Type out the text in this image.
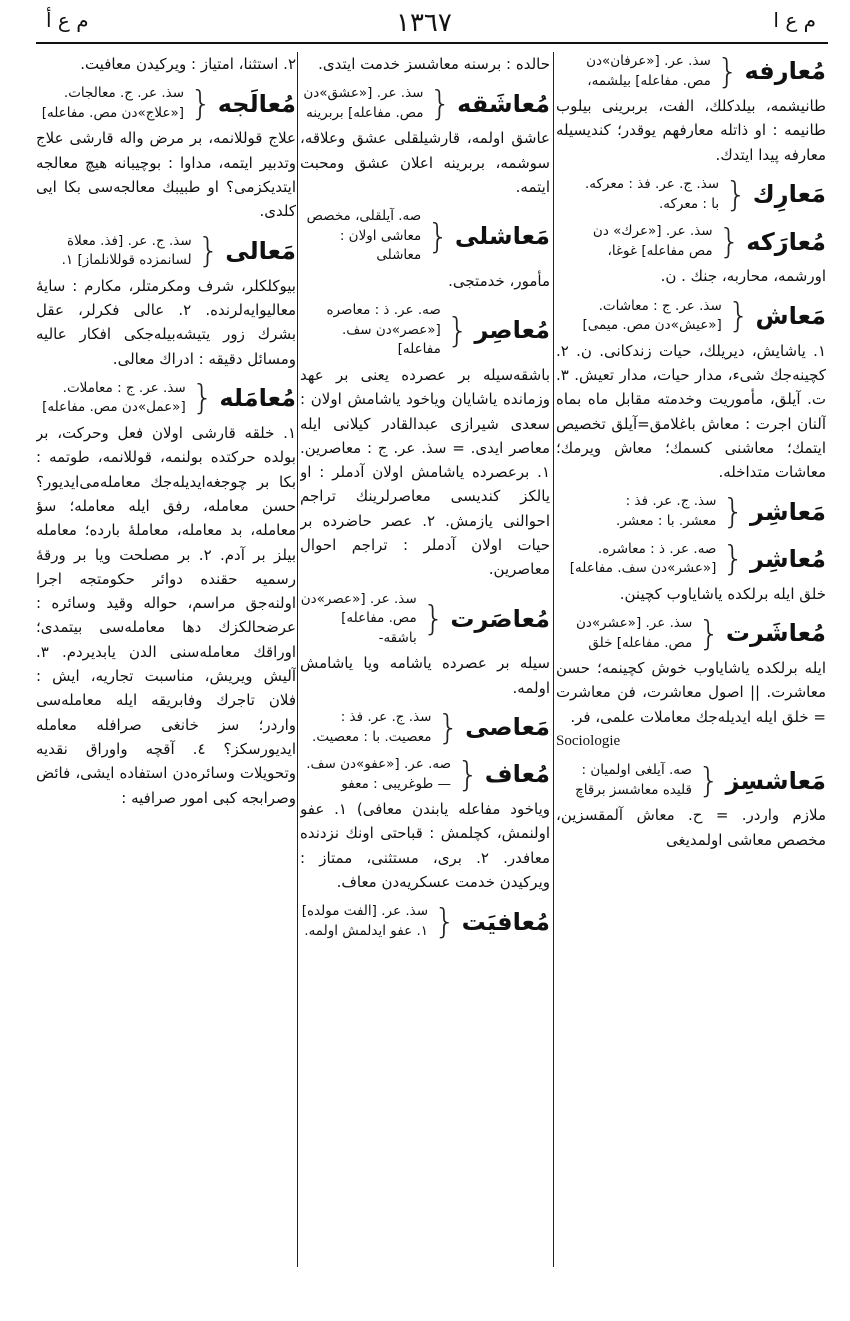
م ع أ	١٣٦٧	م ع ا
مُعارفه
{
سذ. عر. [«عرفان»دن
مص. مفاعله] بيلشمه،
طانيشمه، بيلدكلك، الفت، بربرينى بيلوب طانيمه : او ذاتله معارفهم يوقدر؛ كنديسيله معارفه پيدا ايتدك.
مَعارِك
{
سذ. ج. عر. فذ : معركه.
با : معركه.
مُعارَكه
{
سذ. عر. [«عرك» دن
مص مفاعله] غوغا،
اورشمه، محاربه، جنك . ن.
مَعاش
{
سذ. عر. ج : معاشات.
[«عيش»دن مص. ميمى]
١. ياشايش، ديريلك، حيات زندكانى. ن. ٢. كچينه‌جك شى‌ء، مدار حيات، مدار تعيش. ٣. ت. آيلق، مأموريت وخدمته مقابل ماه بماه آلنان اجرت : معاش باغلامق=آيلق تخصيص ايتمك؛ معاشنى كسمك؛ معاش ويرمك؛ معاشات متداخله.
مَعاشِر
{
سذ. ج. عر. فذ :
معشر. با : معشر.
مُعاشِر
{
صه. عر. ذ : معاشره.
[«عشر»دن سف. مفاعله]
خلق ايله برلكده ياشاياوب كچينن.
مُعاشَرت
{
سذ. عر. [«عشر»دن
مص. مفاعله] خلق
ايله برلكده ياشاياوب خوش كچينمه؛ حسن معاشرت. || اصول معاشرت، فن معاشرت = خلق ايله ايديله‌جك معاملات علمى، فر.
Sociologie
مَعاشسِز
{
صه. آيلغى اولميان :
قليده معاشسز برقاچ
ملازم واردر. = ح. معاش آلمقسزين، مخصص معاشى اولمديغى
حالده : برسنه معاشسز خدمت ايتدى.
مُعاشَقه
{
سذ. عر. [«عشق»دن
مص. مفاعله] بربرينه
عاشق اولمه، قارشيلقلى عشق وعلاقه، سوشمه، بربرينه اعلان عشق ومحبت ايتمه.
مَعاشلى
{
صه. آيلقلى، مخصص
معاشى اولان : معاشلى
مأمور، خدمتجى.
مُعاصِر
{
صه. عر. ذ : معاصره
[«عصر»دن سف. مفاعله]
باشقه‌سيله بر عصرده يعنى بر عهد وزمانده ياشايان وياخود ياشامش اولان : سعدى شيرازى عبدالقادر كيلانى ايله معاصر ايدى. = سذ. عر. ج : معاصرين. ١. برعصرده ياشامش اولان آدملر : او يالكز كنديسى معاصرلرينك تراجم احوالنى يازمش. ٢. عصر حاضرده بر حيات اولان آدملر : تراجم احوال معاصرين.
مُعاصَرت
{
سذ. عر. [«عصر»دن
مص. مفاعله] باشقه-
سيله بر عصرده ياشامه ويا ياشامش اولمه.
مَعاصى
{
سذ. ج. عر. فذ :
معصيت. با : معصيت.
مُعاف
{
صه. عر. [«عفو»دن سف.
— طوغريبى : معفو
وياخود مفاعله يابندن معافى) ١. عفو اولنمش، كچلمش : قباحتى اونك نزدنده معافدر. ٢. برى، مستثنى، ممتاز : ويركيدن خدمت عسكريه‌دن معاف.
مُعافيَت
{
سذ. عر. [الفت مولده]
١. عفو ايدلمش اولمه.
٢. استثنا، امتياز : ويركيدن معافيت.
مُعالَجه
{
سذ. عر. ج. معالجات.
[«علاج»دن مص. مفاعله]
علاج قوللانمه، بر مرض واله قارشى علاج وتدبير ايتمه، مداوا : بوچيبانه هيچ معالجه ايتديكزمى؟ او طبيبك معالجه‌سى بكا ايى كلدى.
مَعالى
{
سذ. ج. عر. [فذ. معلاة
لسانمزده قوللانلماز] ١.
بيوكلكلر، شرف ومكرمتلر، مكارم : سايهٔ معاليوايه‌لرنده. ٢. عالى فكرلر، عقل بشرك زور يتيشه‌بيله‌جكى افكار عاليه ومسائل دقيقه : ادراك معالى.
مُعامَله
{
سذ. عر. ج : معاملات.
[«عمل»دن مص. مفاعله]
١. خلقه قارشى اولان فعل وحركت، بر بولده حركتده بولنمه، قوللانمه، طوتمه : بكا بر چوجغه‌ايديله‌جك معامله‌مى‌ايديور؟ حسن معامله، رفق ايله معامله؛ سؤ معامله، بد معامله، معاملهٔ بارده؛ معامله بيلز بر آدم. ٢. بر مصلحت ويا بر ورقهٔ رسميه حقنده دوائر حكومتجه اجرا اولنه‌جق مراسم، حواله وقيد وسائره : عرضحالكزك دها معامله‌سى بيتمدى؛ اوراقك معامله‌سنى الدن يابديردم. ٣. آليش ويريش، مناسبت تجاريه، ايش : فلان تاجرك وفابريقه ايله معامله‌سى واردر؛ سز خانغى صرافله معامله ايديورسكز؟ ٤. آقچه واوراق نقديه وتحويلات وسائره‌دن استفاده ايشى، فائض وصرابجه كبى امور صرافيه :
